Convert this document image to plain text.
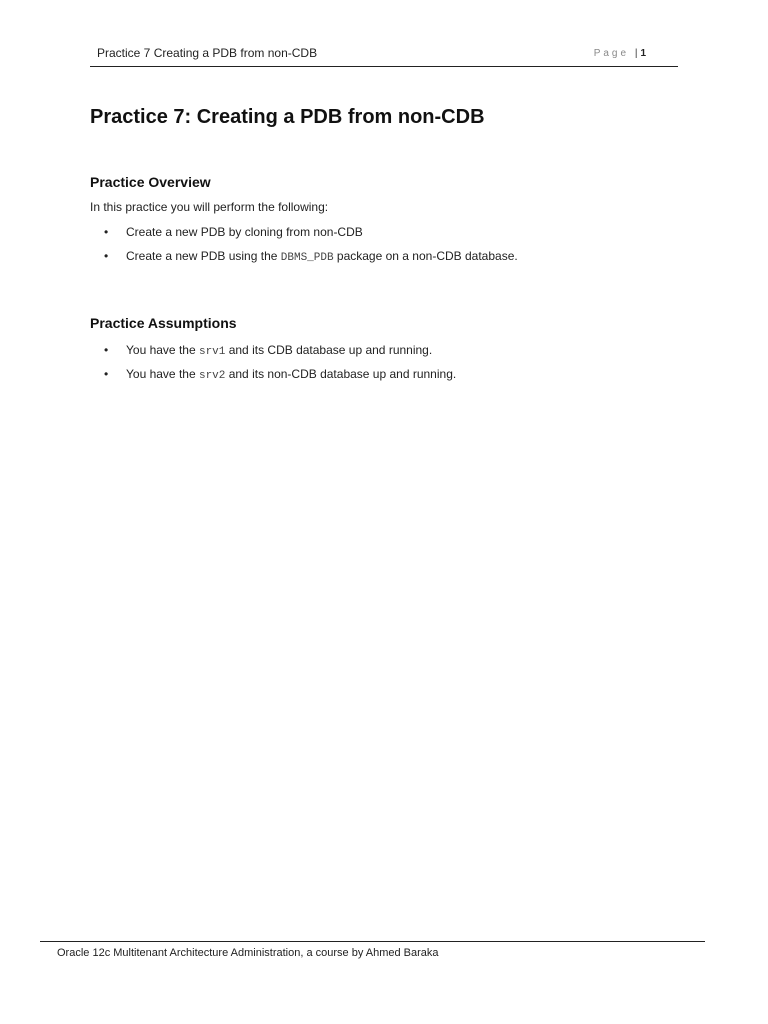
Practice 7 Creating a PDB from non-CDB	Page | 1
Practice 7: Creating a PDB from non-CDB
Practice Overview

In this practice you will perform the following:

• Create a new PDB by cloning from non-CDB
• Create a new PDB using the DBMS_PDB package on a non-CDB database.
Practice Assumptions
• You have the srv1 and its CDB database up and running.
• You have the srv2 and its non-CDB database up and running.
Oracle 12c Multitenant Architecture Administration, a course by Ahmed Baraka
